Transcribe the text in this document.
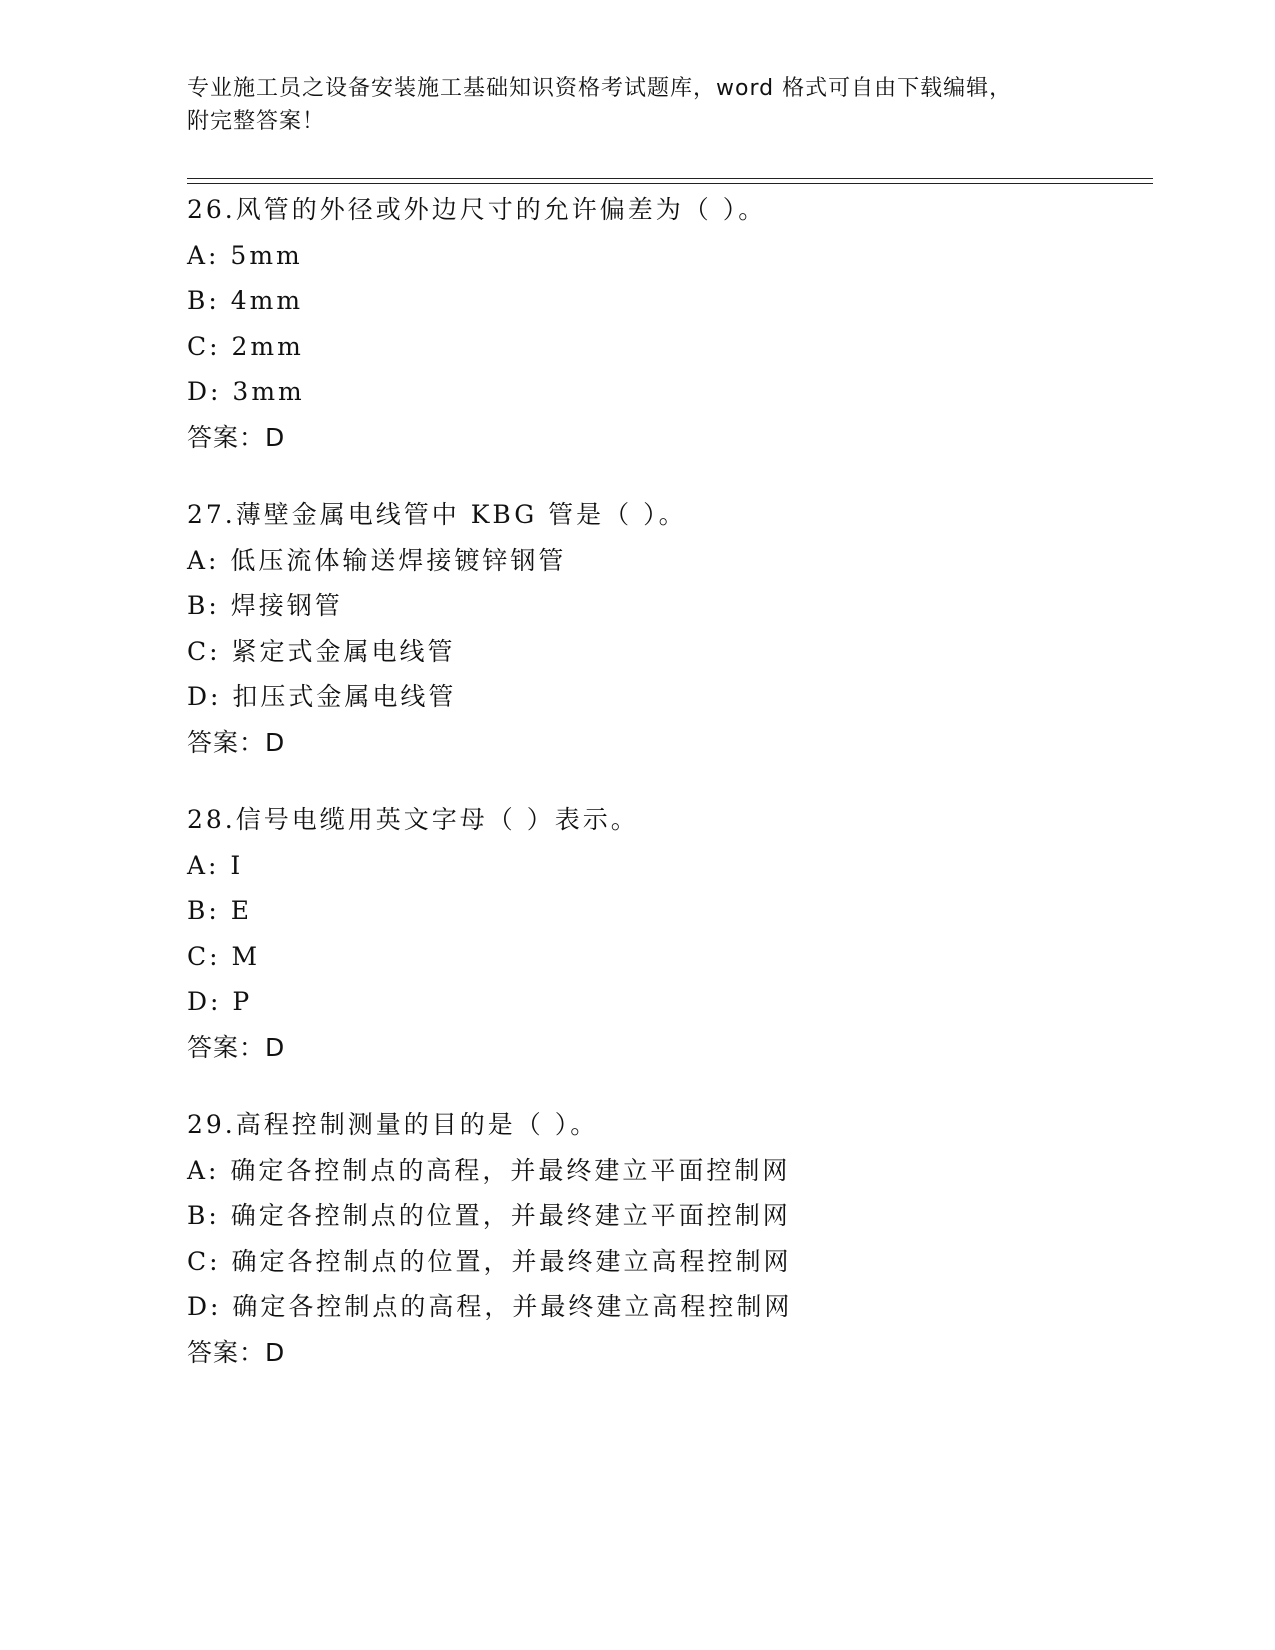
专业施工员之设备安装施工基础知识资格考试题库，word 格式可自由下载编辑，
附完整答案！
26.风管的外径或外边尺寸的允许偏差为（ ）。
A: 5mm
B: 4mm
C: 2mm
D: 3mm
答案：D
27.薄壁金属电线管中 KBG 管是（ ）。
A: 低压流体输送焊接镀锌钢管
B: 焊接钢管
C: 紧定式金属电线管
D: 扣压式金属电线管
答案：D
28.信号电缆用英文字母（ ）表示。
A: I
B: E
C: M
D: P
答案：D
29.高程控制测量的目的是（ ）。
A: 确定各控制点的高程，并最终建立平面控制网
B: 确定各控制点的位置，并最终建立平面控制网
C: 确定各控制点的位置，并最终建立高程控制网
D: 确定各控制点的高程，并最终建立高程控制网
答案：D
